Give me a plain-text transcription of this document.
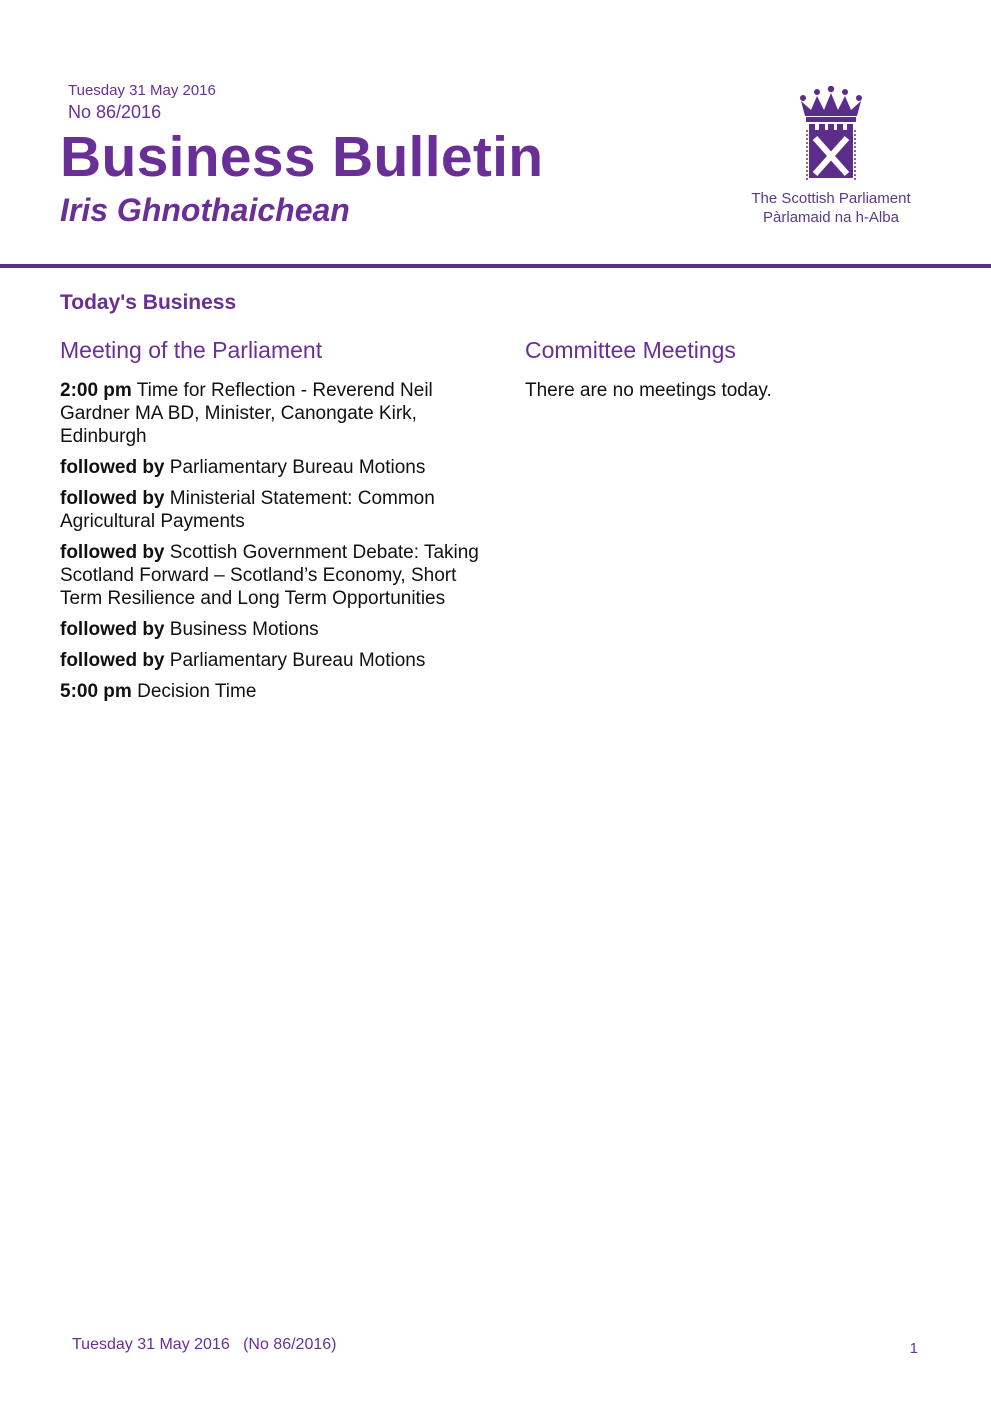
Tuesday 31 May 2016
No 86/2016
Business Bulletin
Iris Ghnothaichean	The Scottish Parliament
Pàrlamaid na h-Alba
Today's Business
Meeting of the Parliament
2:00 pm Time for Reflection - Reverend Neil Gardner MA BD, Minister, Canongate Kirk, Edinburgh
followed by Parliamentary Bureau Motions
followed by Ministerial Statement: Common Agricultural Payments
followed by Scottish Government Debate: Taking Scotland Forward – Scotland’s Economy, Short Term Resilience and Long Term Opportunities
followed by Business Motions
followed by Parliamentary Bureau Motions
5:00 pm Decision Time
Committee Meetings
There are no meetings today.
Tuesday 31 May 2016 (No 86/2016)	1
